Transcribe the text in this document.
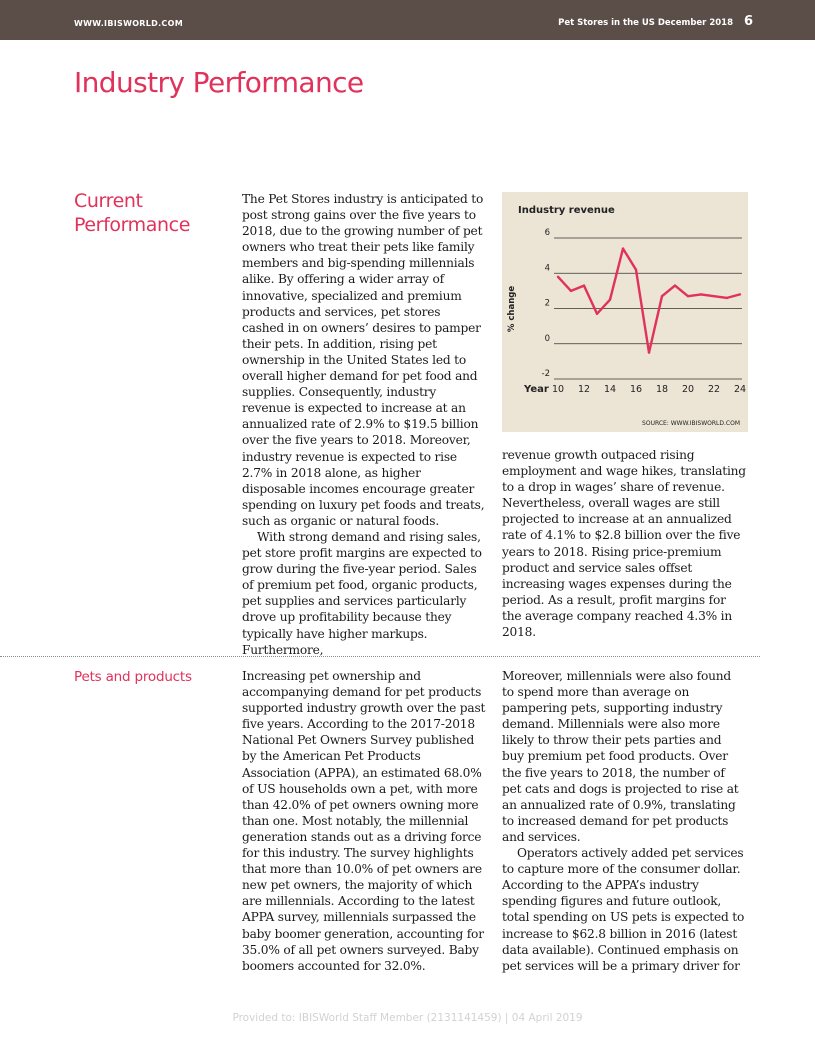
WWW.IBISWORLD.COM	Pet Stores in the US December 2018 6
Industry Performance
Current Performance

The Pet Stores industry is anticipated to post strong gains over the five years to 2018, due to the growing number of pet owners who treat their pets like family members and big-spending millennials alike. By offering a wider array of innovative, specialized and premium products and services, pet stores cashed in on owners’ desires to pamper their pets. In addition, rising pet ownership in the United States led to overall higher demand for pet food and supplies. Consequently, industry revenue is expected to increase at an annualized rate of 2.9% to $19.5 billion over the five years to 2018. Moreover, industry revenue is expected to rise 2.7% in 2018 alone, as higher disposable incomes encourage greater spending on luxury pet foods and treats, such as organic or natural foods.

With strong demand and rising sales, pet store profit margins are expected to grow during the five-year period. Sales of premium pet food, organic products, pet supplies and services particularly drove up profitability because they typically have higher markups. Furthermore,

Industry revenue
% change
6
4
2
0
-2
Year 10 12 14 16 18 20 22 24
SOURCE: WWW.IBISWORLD.COM

revenue growth outpaced rising employment and wage hikes, translating to a drop in wages’ share of revenue. Nevertheless, overall wages are still projected to increase at an annualized rate of 4.1% to $2.8 billion over the five years to 2018. Rising price-premium product and service sales offset increasing wages expenses during the period. As a result, profit margins for the average company reached 4.3% in 2018.

Pets and products	Increasing pet ownership and accompanying demand for pet products supported industry growth over the past five years. According to the 2017-2018 National Pet Owners Survey published by the American Pet Products Association (APPA), an estimated 68.0% of US households own a pet, with more than 42.0% of pet owners owning more than one. Most notably, the millennial generation stands out as a driving force for this industry. The survey highlights that more than 10.0% of pet owners are new pet owners, the majority of which are millennials. According to the latest APPA survey, millennials surpassed the baby boomer generation, accounting for 35.0% of all pet owners surveyed. Baby boomers accounted for 32.0%.

Moreover, millennials were also found to spend more than average on pampering pets, supporting industry demand. Millennials were also more likely to throw their pets parties and buy premium pet food products. Over the five years to 2018, the number of pet cats and dogs is projected to rise at an annualized rate of 0.9%, translating to increased demand for pet products and services.

Operators actively added pet services to capture more of the consumer dollar. According to the APPA’s industry spending figures and future outlook, total spending on US pets is expected to increase to $62.8 billion in 2016 (latest data available). Continued emphasis on pet services will be a primary driver for

Provided to: IBISWorld Staff Member (2131141459) | 04 April 2019
